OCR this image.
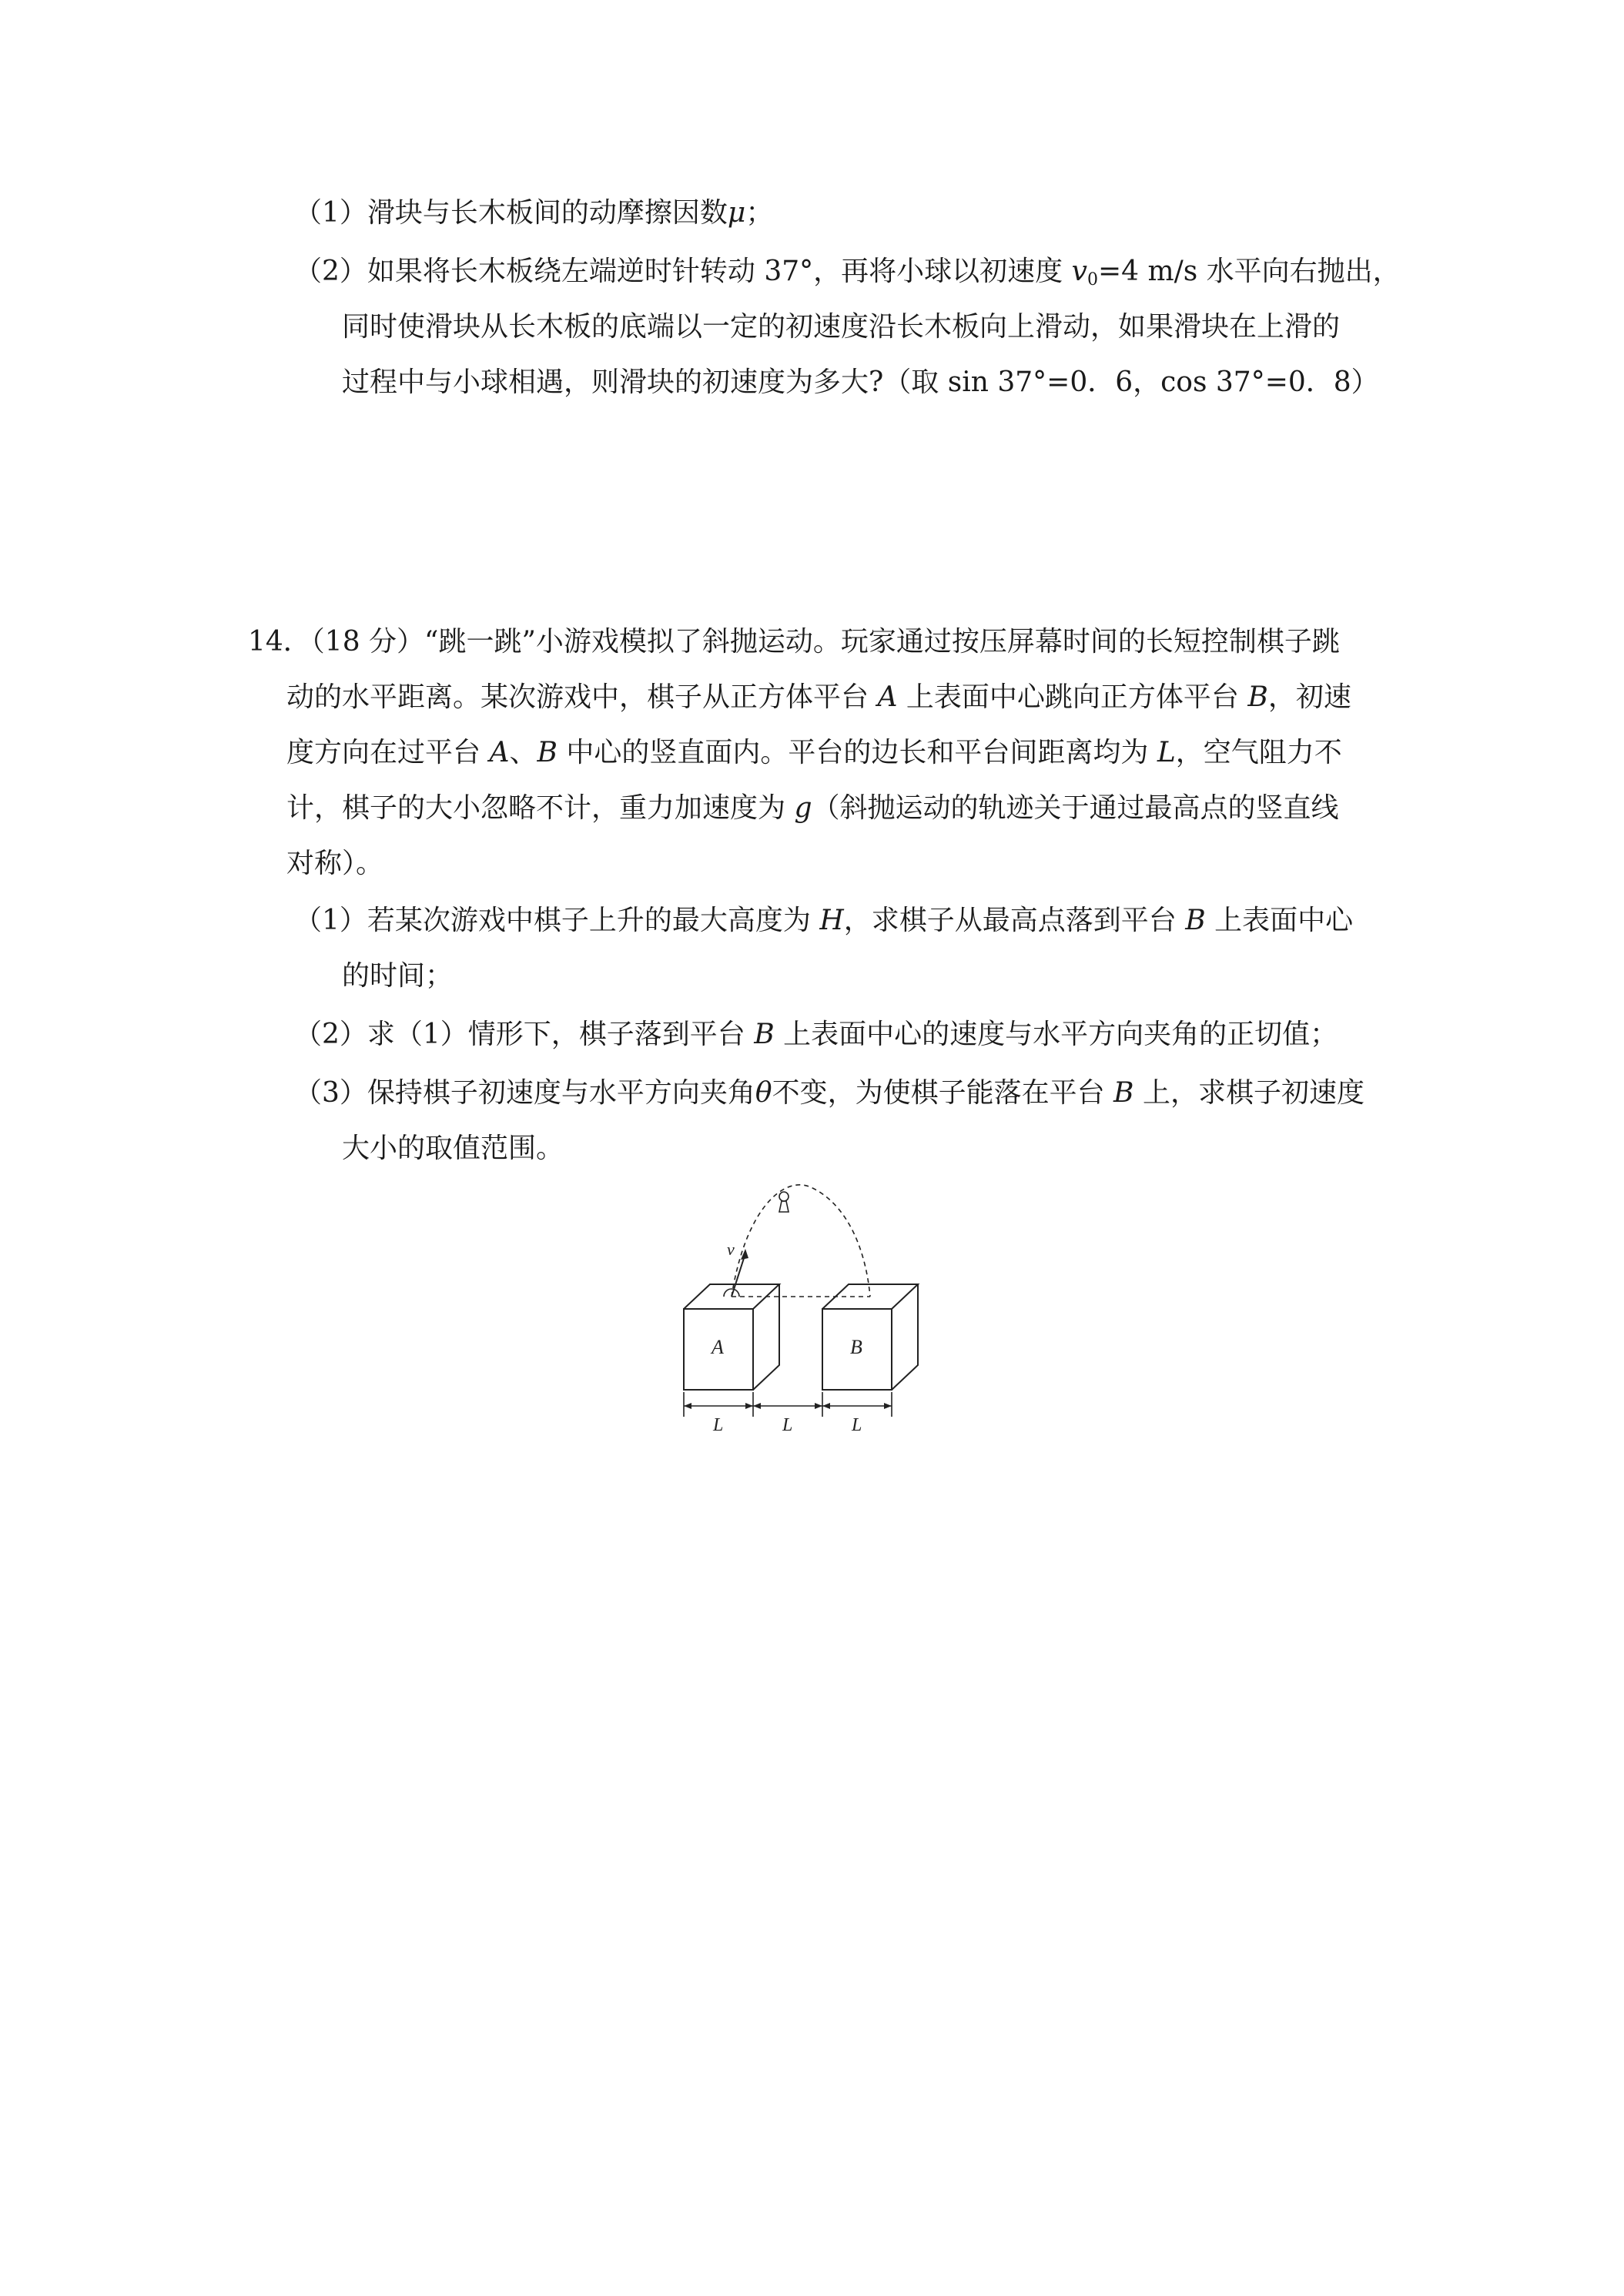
（1）滑块与长木板间的动摩擦因数μ；
（2）如果将长木板绕左端逆时针转动 37°，再将小球以初速度 $v_0=4$ m/s 水平向右抛出，
同时使滑块从长木板的底端以一定的初速度沿长木板向上滑动，如果滑块在上滑的
过程中与小球相遇，则滑块的初速度为多大?（取 sin 37°=0．6，cos 37°=0．8）
14．（18 分）“跳一跳”小游戏模拟了斜抛运动。玩家通过按压屏幕时间的长短控制棋子跳
动的水平距离。某次游戏中，棋子从正方体平台 A 上表面中心跳向正方体平台 B，初速
度方向在过平台 A、B 中心的竖直面内。平台的边长和平台间距离均为 L，空气阻力不
计，棋子的大小忽略不计，重力加速度为 g（斜抛运动的轨迹关于通过最高点的竖直线
对称）。
（1）若某次游戏中棋子上升的最大高度为 H，求棋子从最高点落到平台 B 上表面中心
的时间；
（2）求（1）情形下，棋子落到平台 B 上表面中心的速度与水平方向夹角的正切值；
（3）保持棋子初速度与水平方向夹角θ不变，为使棋子能落在平台 B 上，求棋子初速度
大小的取值范围。
A	B
v
L	L	L
